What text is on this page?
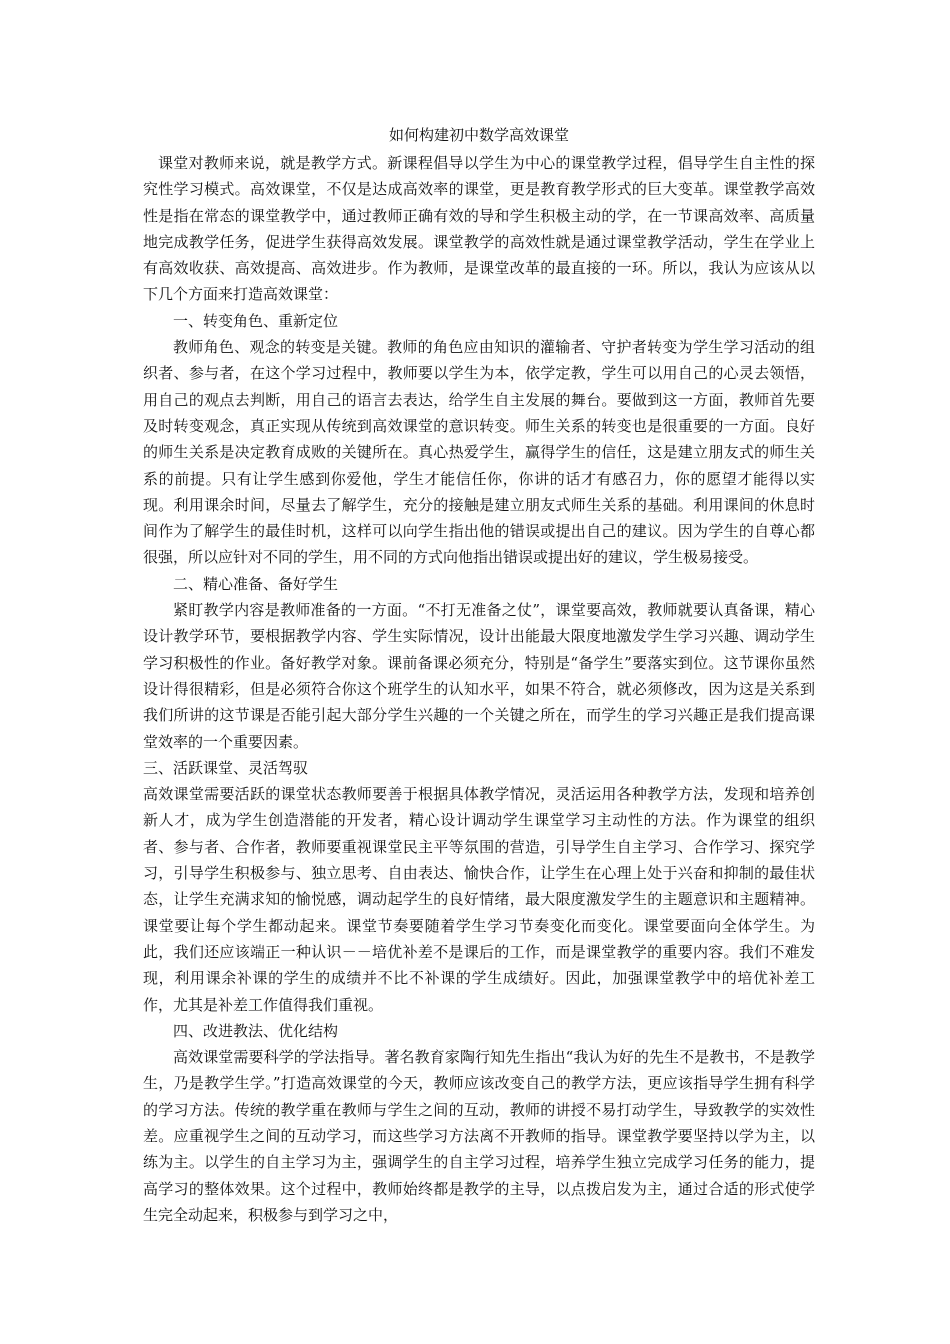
如何构建初中数学高效课堂

课堂对教师来说，就是教学方式。新课程倡导以学生为中心的课堂教学过程，倡导学生自主性的探究性学习模式。高效课堂，不仅是达成高效率的课堂，更是教育教学形式的巨大变革。课堂教学高效性是指在常态的课堂教学中，通过教师正确有效的导和学生积极主动的学，在一节课高效率、高质量地完成教学任务，促进学生获得高效发展。课堂教学的高效性就是通过课堂教学活动，学生在学业上有高效收获、高效提高、高效进步。作为教师，是课堂改革的最直接的一环。所以，我认为应该从以下几个方面来打造高效课堂：

一、转变角色、重新定位

教师角色、观念的转变是关键。教师的角色应由知识的灌输者、守护者转变为学生学习活动的组织者、参与者，在这个学习过程中，教师要以学生为本，依学定教，学生可以用自己的心灵去领悟，用自己的观点去判断，用自己的语言去表达，给学生自主发展的舞台。要做到这一方面，教师首先要及时转变观念，真正实现从传统到高效课堂的意识转变。师生关系的转变也是很重要的一方面。良好的师生关系是决定教育成败的关键所在。真心热爱学生，赢得学生的信任，这是建立朋友式的师生关系的前提。只有让学生感到你爱他，学生才能信任你，你讲的话才有感召力，你的愿望才能得以实现。利用课余时间，尽量去了解学生，充分的接触是建立朋友式师生关系的基础。利用课间的休息时间作为了解学生的最佳时机，这样可以向学生指出他的错误或提出自己的建议。因为学生的自尊心都很强，所以应针对不同的学生，用不同的方式向他指出错误或提出好的建议，学生极易接受。

二、精心准备、备好学生

紧盯教学内容是教师准备的一方面。“不打无准备之仗”，课堂要高效，教师就要认真备课，精心设计教学环节，要根据教学内容、学生实际情况，设计出能最大限度地激发学生学习兴趣、调动学生学习积极性的作业。备好教学对象。课前备课必须充分，特别是“备学生”要落实到位。这节课你虽然设计得很精彩，但是必须符合你这个班学生的认知水平，如果不符合，就必须修改，因为这是关系到我们所讲的这节课是否能引起大部分学生兴趣的一个关键之所在，而学生的学习兴趣正是我们提高课堂效率的一个重要因素。

三、活跃课堂、灵活驾驭

高效课堂需要活跃的课堂状态教师要善于根据具体教学情况，灵活运用各种教学方法，发现和培养创新人才，成为学生创造潜能的开发者，精心设计调动学生课堂学习主动性的方法。作为课堂的组织者、参与者、合作者，教师要重视课堂民主平等氛围的营造，引导学生自主学习、合作学习、探究学习，引导学生积极参与、独立思考、自由表达、愉快合作，让学生在心理上处于兴奋和抑制的最佳状态，让学生充满求知的愉悦感，调动起学生的良好情绪，最大限度激发学生的主题意识和主题精神。课堂要让每个学生都动起来。课堂节奏要随着学生学习节奏变化而变化。课堂要面向全体学生。为此，我们还应该端正一种认识－－培优补差不是课后的工作，而是课堂教学的重要内容。我们不难发现，利用课余补课的学生的成绩并不比不补课的学生成绩好。因此，加强课堂教学中的培优补差工作，尤其是补差工作值得我们重视。

四、改进教法、优化结构

高效课堂需要科学的学法指导。著名教育家陶行知先生指出“我认为好的先生不是教书，不是教学生，乃是教学生学。”打造高效课堂的今天，教师应该改变自己的教学方法，更应该指导学生拥有科学的学习方法。传统的教学重在教师与学生之间的互动，教师的讲授不易打动学生，导致教学的实效性差。应重视学生之间的互动学习，而这些学习方法离不开教师的指导。课堂教学要坚持以学为主，以练为主。以学生的自主学习为主，强调学生的自主学习过程，培养学生独立完成学习任务的能力，提高学习的整体效果。这个过程中，教师始终都是教学的主导，以点拨启发为主，通过合适的形式使学生完全动起来，积极参与到学习之中，
